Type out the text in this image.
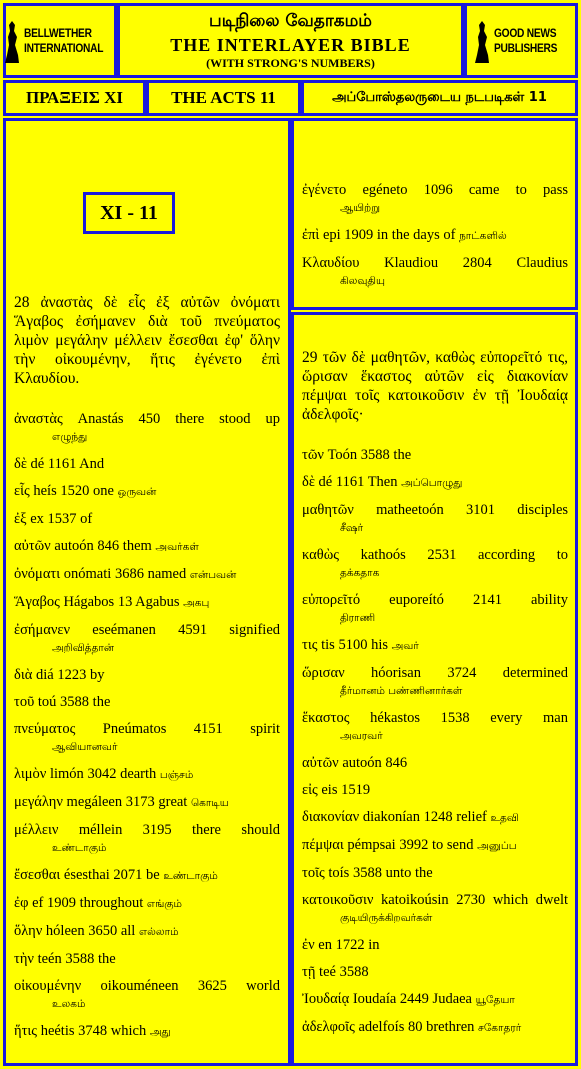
BELLWETHER
INTERNATIONAL
படிநிலை வேதாகமம்
THE INTERLAYER BIBLE
(WITH STRONG'S NUMBERS)
GOOD NEWS
PUBLISHERS
ΠΡΑΞΕΙΣ XI	THE ACTS 11	அப்போஸ்தலருடைய நடபடிகள் 11
XI - 11
28 ἀναστὰς δὲ εἷς ἐξ αὐτῶν ὀνόματι Ἅγαβος ἐσήμανεν διὰ τοῦ πνεύματος λιμὸν μεγάλην μέλλειν ἔσεσθαι ἐφ' ὅλην τὴν οἰκουμένην, ἥτις ἐγένετο ἐπὶ Κλαυδίου.
ἀναστὰς Anastás 450 there stood up
எழுந்து
δὲ dé 1161 And
εἷς heís 1520 one ஒருவன்
ἐξ ex 1537 of
αὐτῶν autoón 846 them அவர்கள்
ὀνόματι onómati 3686 named என்பவன்
Ἅγαβος Hágabos 13 Agabus அகபு
ἐσήμανεν eseémanen 4591 signified
அறிவித்தான்
διὰ diá 1223 by
τοῦ toú 3588 the
πνεύματος Pneúmatos 4151 spirit
ஆவியானவர்
λιμὸν limón 3042 dearth பஞ்சம்
μεγάλην megáleen 3173 great கொடிய
μέλλειν méllein 3195 there should
உண்டாகும்
ἔσεσθαι ésesthai 2071 be உண்டாகும்
ἐφ ef 1909 throughout எங்கும்
ὅλην hóleen 3650 all எல்லாம்
τὴν teén 3588 the
οἰκουμένην oikouméneen 3625 world
உலகம்
ἥτις heétis 3748 which அது
ἐγένετο egéneto 1096 came to pass
ஆயிற்று
ἐπὶ epi 1909 in the days of நாட்களில்
Κλαυδίου Klaudiou 2804 Claudius
கிலவுதியு
29 τῶν δὲ μαθητῶν, καθὼς εὐπορεῖτό τις, ὥρισαν ἕκαστος αὐτῶν εἰς διακονίαν πέμψαι τοῖς κατοικοῦσιν ἐν τῇ Ἰουδαίᾳ ἀδελφοῖς·
τῶν Toón 3588 the
δὲ dé 1161 Then அப்பொழுது
μαθητῶν matheetoón 3101 disciples
சீஷர்
καθὼς kathoós 2531 according to
தக்கதாக
εὐπορεῖτό euporeító 2141 ability
திராணி
τις tis 5100 his அவர்
ὥρισαν hóorisan 3724 determined
தீர்மானம் பண்ணினார்கள்
ἕκαστος hékastos 1538 every man
அவரவர்
αὐτῶν autoón 846
εἰς eis 1519
διακονίαν diakonían 1248 relief உதவி
πέμψαι pémpsai 3992 to send அனுப்ப
τοῖς toís 3588 unto the
κατοικοῦσιν katoikoúsin 2730 which dwelt
குடியிருக்கிறவர்கள்
ἐν en 1722 in
τῇ teé 3588
Ἰουδαίᾳ Ioudaía 2449 Judaea யூதேயா
ἀδελφοῖς adelfoís 80 brethren சகோதரர்
